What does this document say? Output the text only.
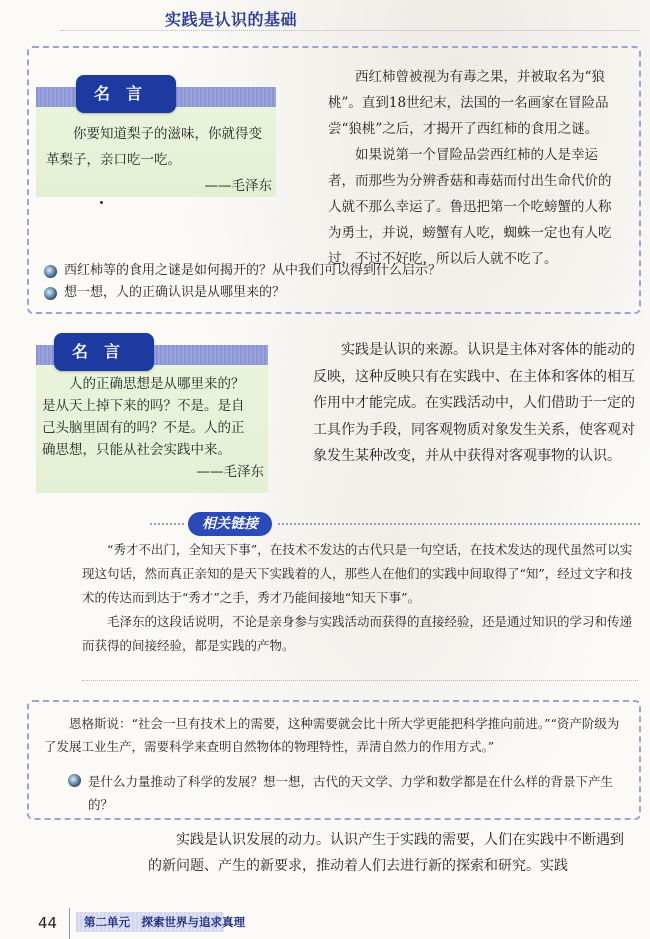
实践是认识的基础
名言
你要知道梨子的滋味，你就得变革梨子，亲口吃一吃。
——毛泽东

西红柿曾被视为有毒之果，并被取名为“狼桃”。直到18世纪末，法国的一名画家在冒险品尝“狼桃”之后，才揭开了西红柿的食用之谜。

如果说第一个冒险品尝西红柿的人是幸运者，而那些为分辨香菇和毒菇而付出生命代价的人就不那么幸运了。鲁迅把第一个吃螃蟹的人称为勇士，并说，螃蟹有人吃，蜘蛛一定也有人吃过，不过不好吃，所以后人就不吃了。

西红柿等的食用之谜是如何揭开的？从中我们可以得到什么启示？
想一想，人的正确认识是从哪里来的？
名言
人的正确思想是从哪里来的？
是从天上掉下来的吗？不是。是自
己头脑里固有的吗？不是。人的正
确思想，只能从社会实践中来。
——毛泽东

实践是认识的来源。认识是主体对客体的能动的反映，这种反映只有在实践中、在主体和客体的相互作用中才能完成。在实践活动中，人们借助于一定的工具作为手段，同客观物质对象发生关系，使客观对象发生某种改变，并从中获得对客观事物的认识。

相关链接

“秀才不出门，全知天下事”，在技术不发达的古代只是一句空话，在技术发达的现代虽然可以实现这句话，然而真正亲知的是天下实践着的人，那些人在他们的实践中间取得了“知”，经过文字和技术的传达而到达于“秀才”之手，秀才乃能间接地“知天下事”。

毛泽东的这段话说明，不论是亲身参与实践活动而获得的直接经验，还是通过知识的学习和传递而获得的间接经验，都是实践的产物。

恩格斯说：“社会一旦有技术上的需要，这种需要就会比十所大学更能把科学推向前进。”“资产阶级为了发展工业生产，需要科学来查明自然物体的物理特性，弄清自然力的作用方式。”

是什么力量推动了科学的发展？想一想，古代的天文学、力学和数学都是在什么样的背景下产生的？

实践是认识发展的动力。认识产生于实践的需要，人们在实践中不断遇到的新问题、产生的新要求，推动着人们去进行新的探索和研究。实践

44	第二单元　探索世界与追求真理
